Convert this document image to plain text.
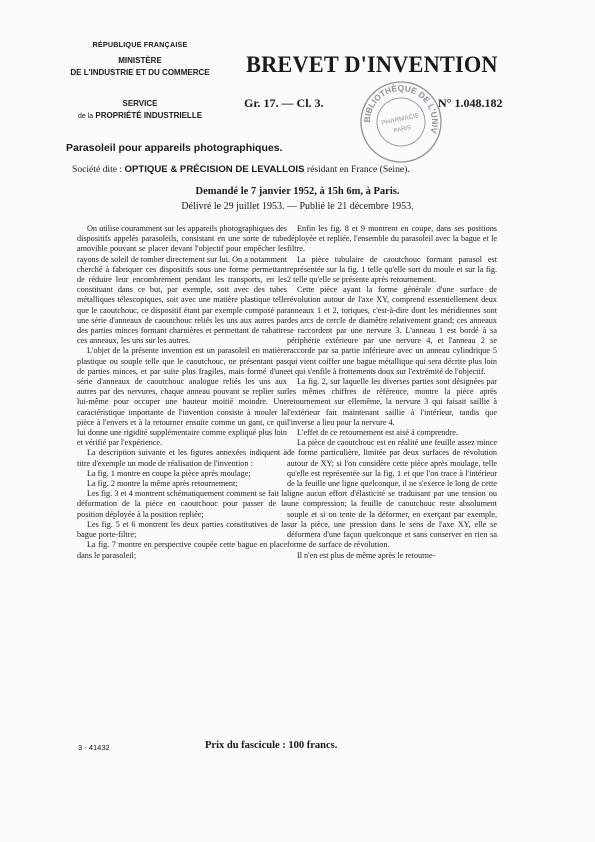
RÉPUBLIQUE FRANÇAISE
MINISTÈRE
DE L'INDUSTRIE ET DU COMMERCE
SERVICE
de la PROPRIÉTÉ INDUSTRIELLE
BREVET D'INVENTION
Gr. 17. — Cl. 3.	N° 1.048.182
BIBLIOTHÈQUE DE L'UNIV
PHARMACIE
PARIS
Parasoleil pour appareils photographiques.
Société dite : OPTIQUE & PRÉCISION DE LEVALLOIS résidant en France (Seine).
Demandé le 7 janvier 1952, à 15h 6m, à Paris.
Délivré le 29 juillet 1953. — Publié le 21 décembre 1953.

On utilise couramment sur les appareils photographiques des dispositifs appelés parasoleils, consistant en une sorte de tube amovible pouvant se placer devant l'objectif pour empêcher les rayons de soleil de tomber directement sur lui. On a notamment cherché à fabriquer ces dispositifs sous une forme permettant de réduire leur encombrement pendant les transports, en les constituant dans ce but, par exemple, soit avec des tubes métalliques télescopiques, soit avec une matière plastique telle que le caoutchouc, ce dispositif étant par exemple composé par une série d'anneaux de caoutchouc reliés les uns aux autres par des parties minces formant charnières et permettant de rabattre ces anneaux, les uns sur les autres.

L'objet de la présente invention est un parasoleil en matière plastique ou souple telle que le caoutchouc, ne présentant pas de parties minces, et par suite plus fragiles, mais formé d'une série d'anneaux de caoutchouc analogue reliés les uns aux autres par des nervures, chaque anneau pouvant se replier sur lui-même pour occuper une hauteur moitié moindre. Une caractéristique importante de l'invention consiste à mouler la pièce à l'envers et à la retourner ensuite comme un gant, ce qui lui donne une rigidité supplémentaire comme expliqué plus loin et vérifié par l'expérience.

La description suivante et les figures annexées indiquent à titre d'exemple un mode de réalisation de l'invention :

La fig. 1 montre en coupe la pièce après moulage;

La fig. 2 montre la même après retournement;

Les fig. 3 et 4 montrent schématiquement comment se fait la déformation de la pièce en caoutchouc pour passer de la position déployée à la position repliée;

Les fig. 5 et 6 montrent les deux parties constitutives de la bague porte-filtre;

La fig. 7 montre en perspective coupée cette bague en place dans le parasoleil;

Enfin les fig. 8 et 9 montrent en coupe, dans ses positions déployée et repliée, l'ensemble du parasoleil avec la bague et le filtre.

La pièce tubulaire de caoutchouc formant parasol est représentée sur la fig. 1 telle qu'elle sort du moule et sur la fig. 2 telle qu'elle se présente après retournement.

Cette pièce ayant la forme générale d'une surface de révolution autour de l'axe XY, comprend essentiellement deux anneaux 1 et 2, toriques, c'est-à-dire dont les méridiennes sont des arcs de cercle de diamètre relativement grand; ces anneaux se raccordent par une nervure 3. L'anneau 1 est bordé à sa périphérie extérieure par une nervure 4, et l'anneau 2 se raccorde par sa partie inférieure avec un anneau cylindrique 5 qui vient coiffer une bague métallique qui sera décrite plus loin et qui s'enfile à frottements doux sur l'extrémité de l'objectif.

La fig. 2, sur laquelle les diverses parties sont désignées par les mêmes chiffres de référence, montre la pièce après retournement sur ellemême, la nervure 3 qui faisait saillie à l'extérieur fait maintenant saillie à l'intérieur, tandis que l'inverse a lieu pour la nervure 4.

L'effet de ce retournement est aisé à comprendre.

La pièce de caoutchouc est en réalité une feuille assez mince de forme particulière, limitée par deux surfaces de révolution autour de XY; si l'on considère cette pièce après moulage, telle qu'elle est représentée sur la fig. 1 et que l'on trace à l'intérieur de la feuille une ligne quelconque, il ne s'exerce le long de cette ligne aucun effort d'élasticité se traduisant par une tension ou une compression; la feuille de caoutchouc reste absolument souple et si on tente de la déformer, en exerçant par exemple, sur la pièce, une pression dans le sens de l'axe XY, elle se déformera d'une façon quelconque et sans conserver en rien sa forme de surface de révolution.

Il n'en est plus de même après le retourne-

3 - 41432	Prix du fascicule : 100 francs.
